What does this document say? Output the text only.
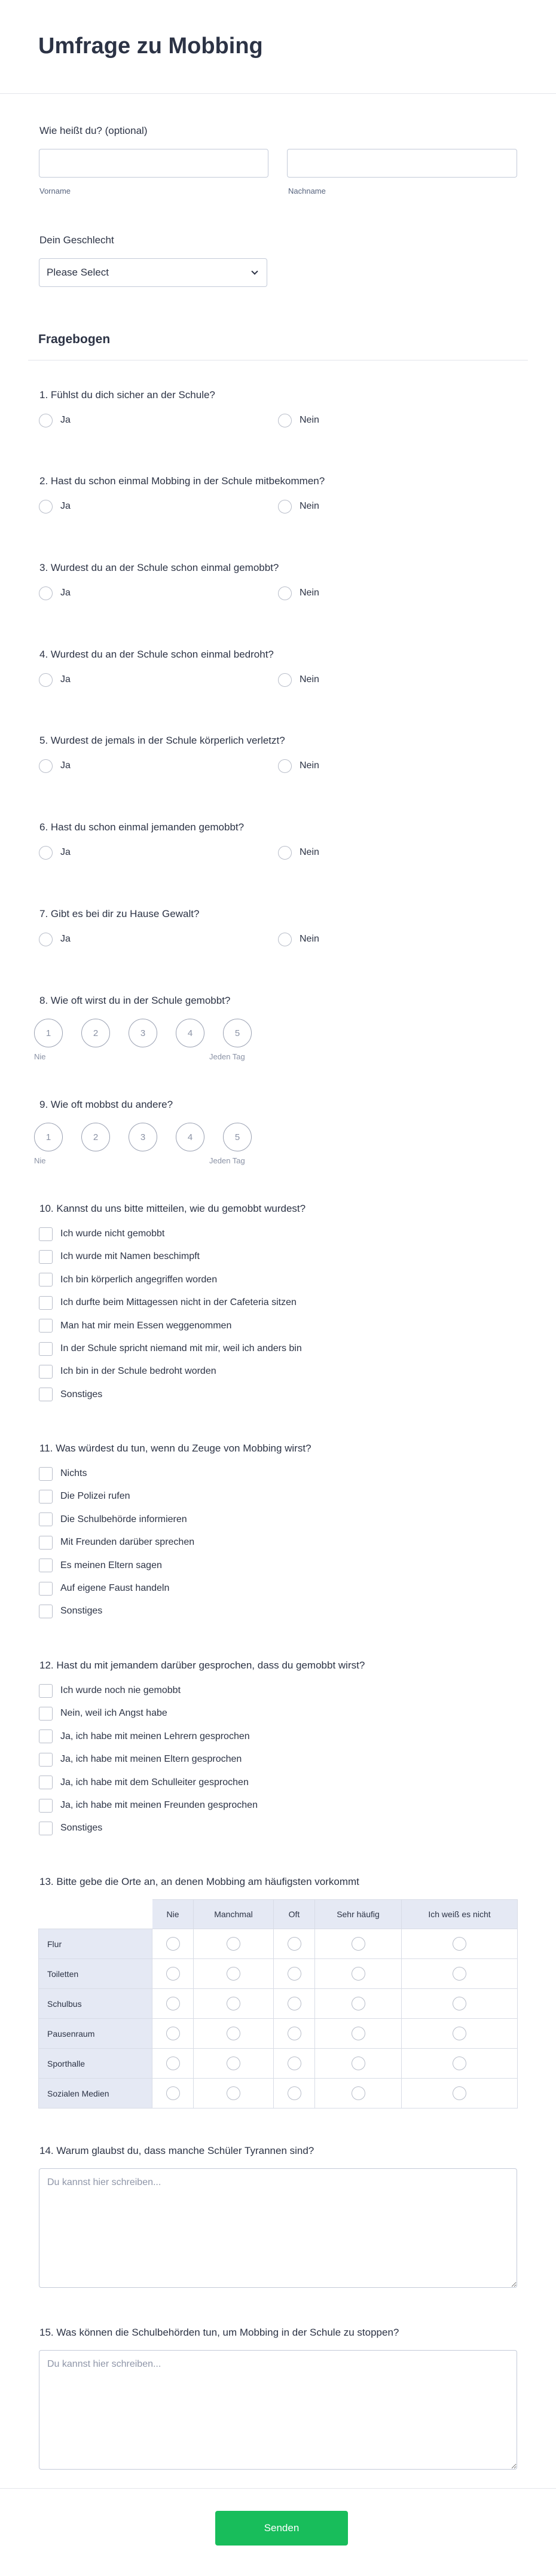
Umfrage zu Mobbing
Wie heißt du? (optional)
Vorname	Nachname
Dein Geschlecht
Please Select
Fragebogen
1. Fühlst du dich sicher an der Schule?
Ja	Nein
2. Hast du schon einmal Mobbing in der Schule mitbekommen?
Ja	Nein
3. Wurdest du an der Schule schon einmal gemobbt?
Ja	Nein
4. Wurdest du an der Schule schon einmal bedroht?
Ja	Nein
5. Wurdest de jemals in der Schule körperlich verletzt?
Ja	Nein
6. Hast du schon einmal jemanden gemobbt?
Ja	Nein
7. Gibt es bei dir zu Hause Gewalt?
Ja	Nein
8. Wie oft wirst du in der Schule gemobbt?
1	2	3	4	5
Nie	Jeden Tag
9. Wie oft mobbst du andere?
1	2	3	4	5
Nie	Jeden Tag
10. Kannst du uns bitte mitteilen, wie du gemobbt wurdest?
Ich wurde nicht gemobbt
Ich wurde mit Namen beschimpft
Ich bin körperlich angegriffen worden
Ich durfte beim Mittagessen nicht in der Cafeteria sitzen
Man hat mir mein Essen weggenommen
In der Schule spricht niemand mit mir, weil ich anders bin
Ich bin in der Schule bedroht worden
Sonstiges
11. Was würdest du tun, wenn du Zeuge von Mobbing wirst?
Nichts
Die Polizei rufen
Die Schulbehörde informieren
Mit Freunden darüber sprechen
Es meinen Eltern sagen
Auf eigene Faust handeln
Sonstiges
12. Hast du mit jemandem darüber gesprochen, dass du gemobbt wirst?
Ich wurde noch nie gemobbt
Nein, weil ich Angst habe
Ja, ich habe mit meinen Lehrern gesprochen
Ja, ich habe mit meinen Eltern gesprochen
Ja, ich habe mit dem Schulleiter gesprochen
Ja, ich habe mit meinen Freunden gesprochen
Sonstiges
13. Bitte gebe die Orte an, an denen Mobbing am häufigsten vorkommt
	Nie	Manchmal	Oft	Sehr häufig	Ich weiß es nicht
Flur	

Toiletten	

Schulbus	

Pausenraum	

Sporthalle	

Sozialen Medien	

14. Warum glaubst du, dass manche Schüler Tyrannen sind?
Du kannst hier schreiben...
15. Was können die Schulbehörden tun, um Mobbing in der Schule zu stoppen?
Du kannst hier schreiben...
Senden
